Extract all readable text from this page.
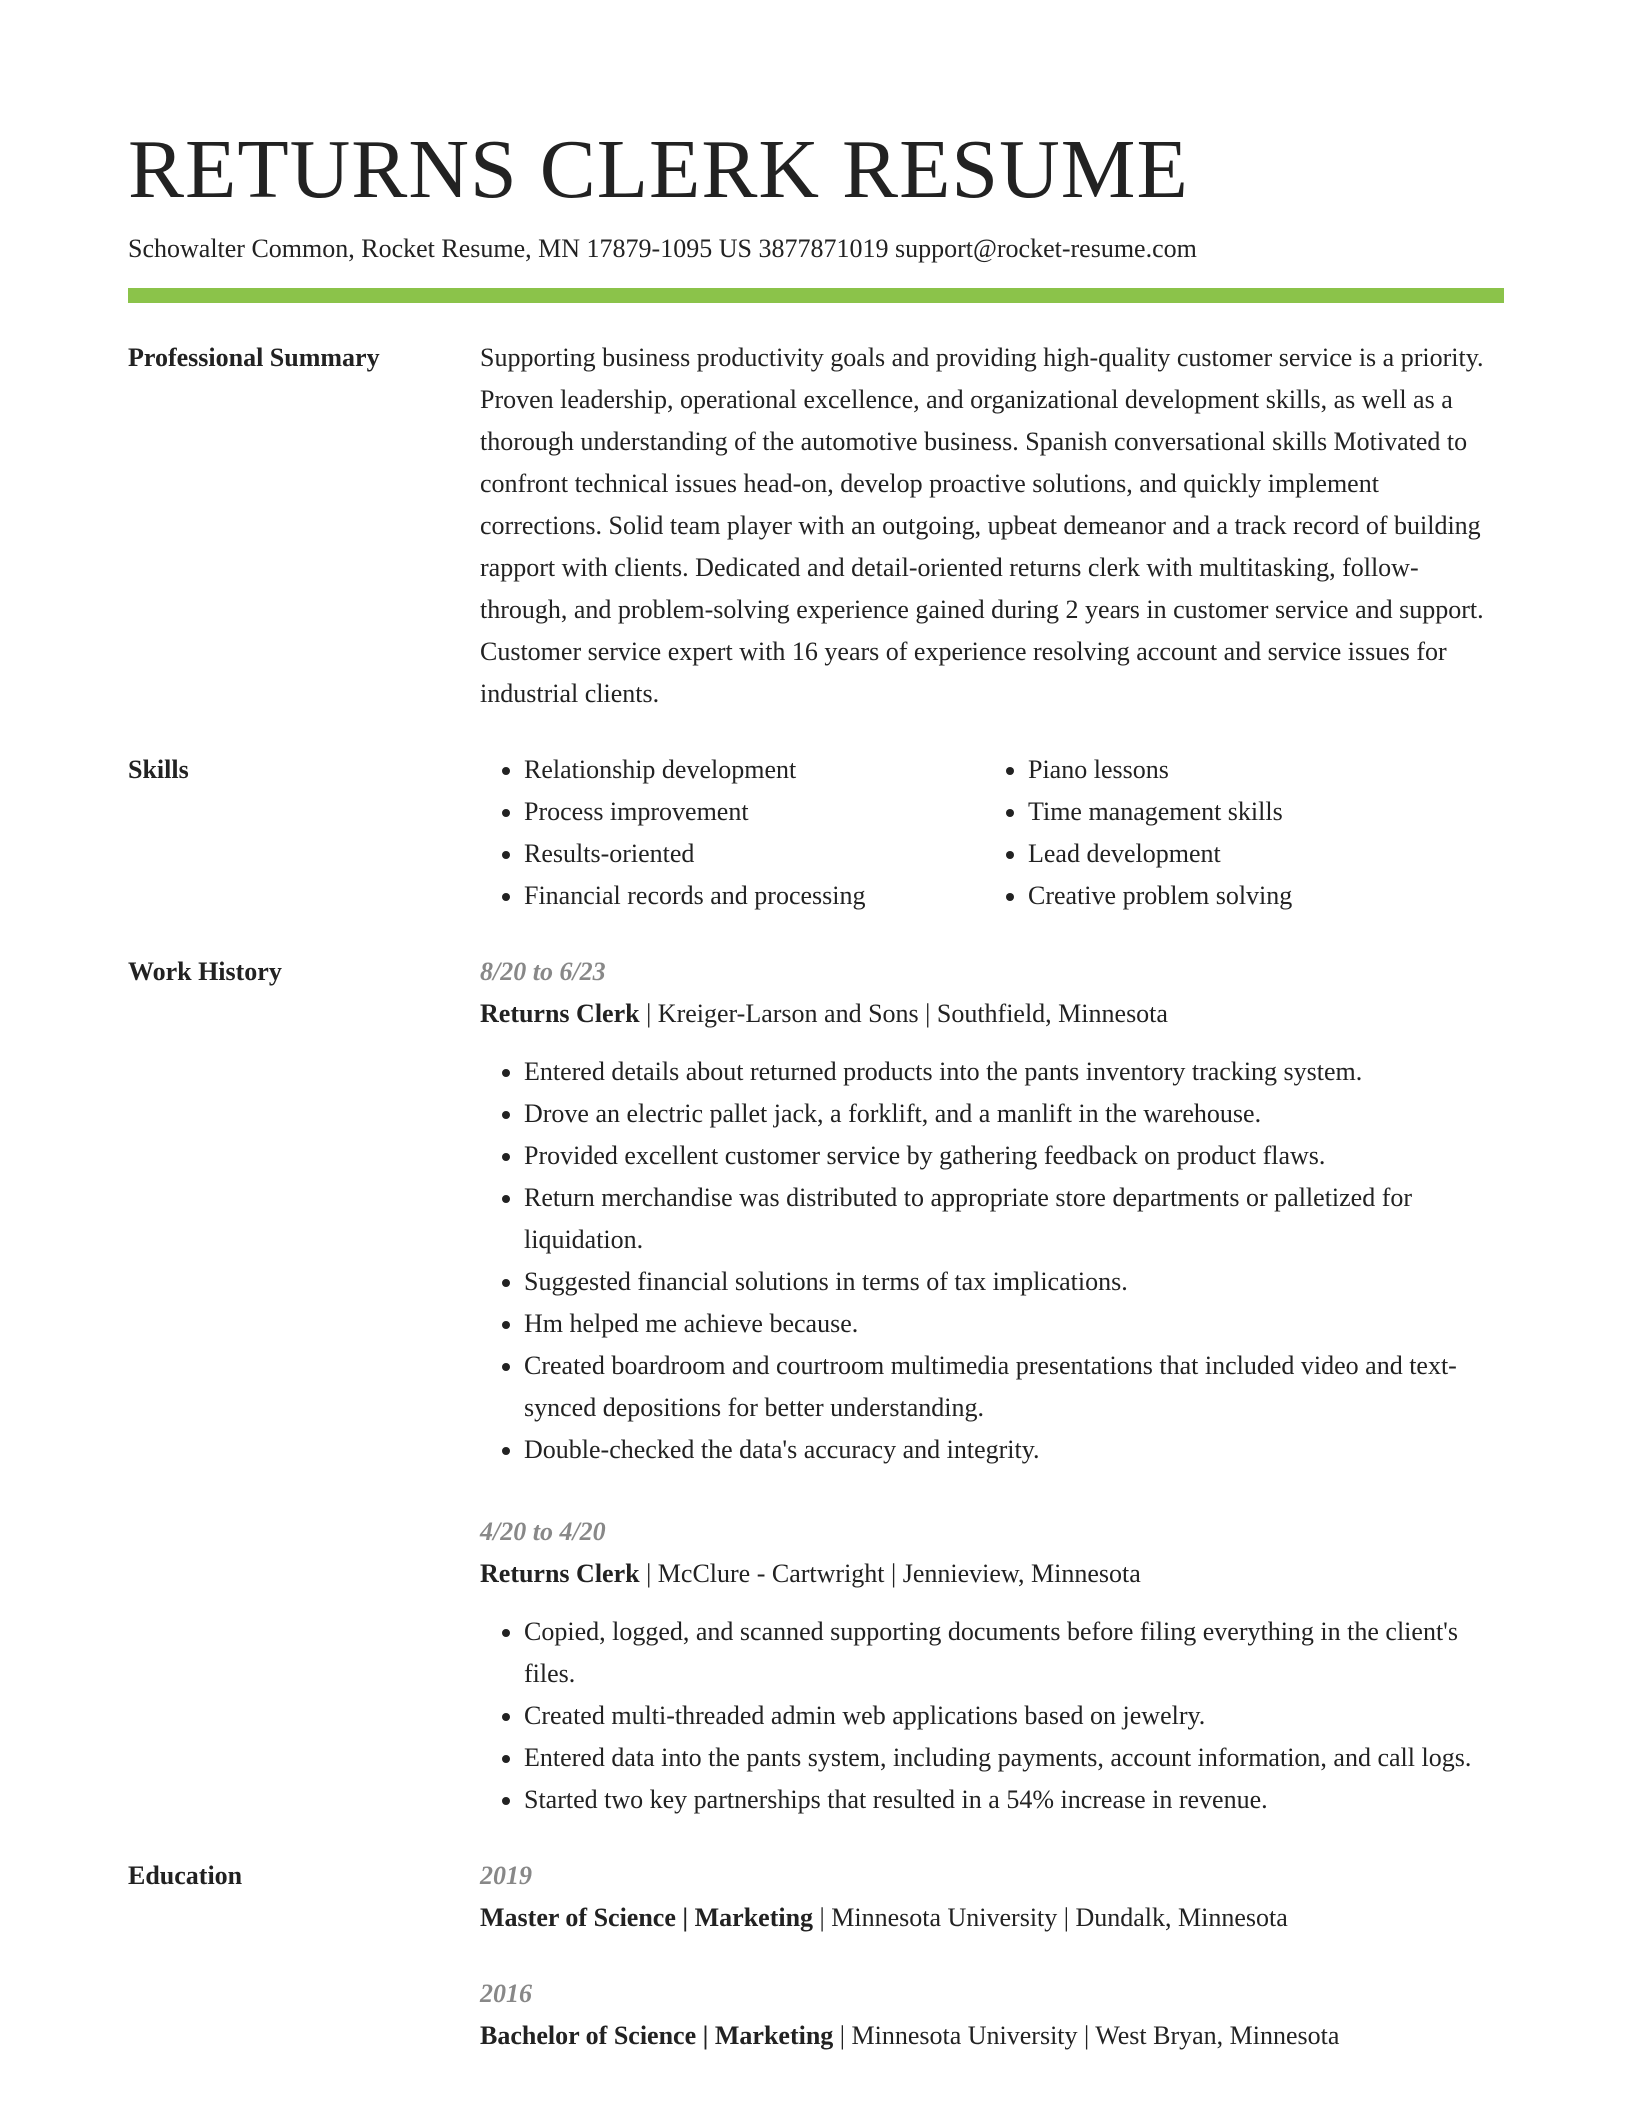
RETURNS CLERK RESUME
Schowalter Common, Rocket Resume, MN 17879-1095 US 3877871019 support@rocket-resume.com
Professional Summary	Supporting business productivity goals and providing high-quality customer service is a priority. Proven leadership, operational excellence, and organizational development skills, as well as a thorough understanding of the automotive business. Spanish conversational skills Motivated to confront technical issues head-on, develop proactive solutions, and quickly implement corrections. Solid team player with an outgoing, upbeat demeanor and a track record of building rapport with clients. Dedicated and detail-oriented returns clerk with multitasking, follow-through, and problem-solving experience gained during 2 years in customer service and support. Customer service expert with 16 years of experience resolving account and service issues for industrial clients.

Skills
•	Relationship development
• Process improvement
• Results-oriented
• Financial records and processing
• Piano lessons
• Time management skills
• Lead development
• Creative problem solving
Work History	8/20 to 6/23
Returns Clerk | Kreiger-Larson and Sons | Southfield, Minnesota
• Entered details about returned products into the pants inventory tracking system.
• Drove an electric pallet jack, a forklift, and a manlift in the warehouse.
• Provided excellent customer service by gathering feedback on product flaws.
• Return merchandise was distributed to appropriate store departments or palletized for liquidation.
• Suggested financial solutions in terms of tax implications.
• Hm helped me achieve because.
• Created boardroom and courtroom multimedia presentations that included video and text-synced depositions for better understanding.
• Double-checked the data's accuracy and integrity.
4/20 to 4/20
Returns Clerk | McClure - Cartwright | Jennieview, Minnesota
• Copied, logged, and scanned supporting documents before filing everything in the client's files.
• Created multi-threaded admin web applications based on jewelry.
• Entered data into the pants system, including payments, account information, and call logs.
• Started two key partnerships that resulted in a 54% increase in revenue.
Education	2019
Master of Science | Marketing | Minnesota University | Dundalk, Minnesota
2016
Bachelor of Science | Marketing | Minnesota University | West Bryan, Minnesota
